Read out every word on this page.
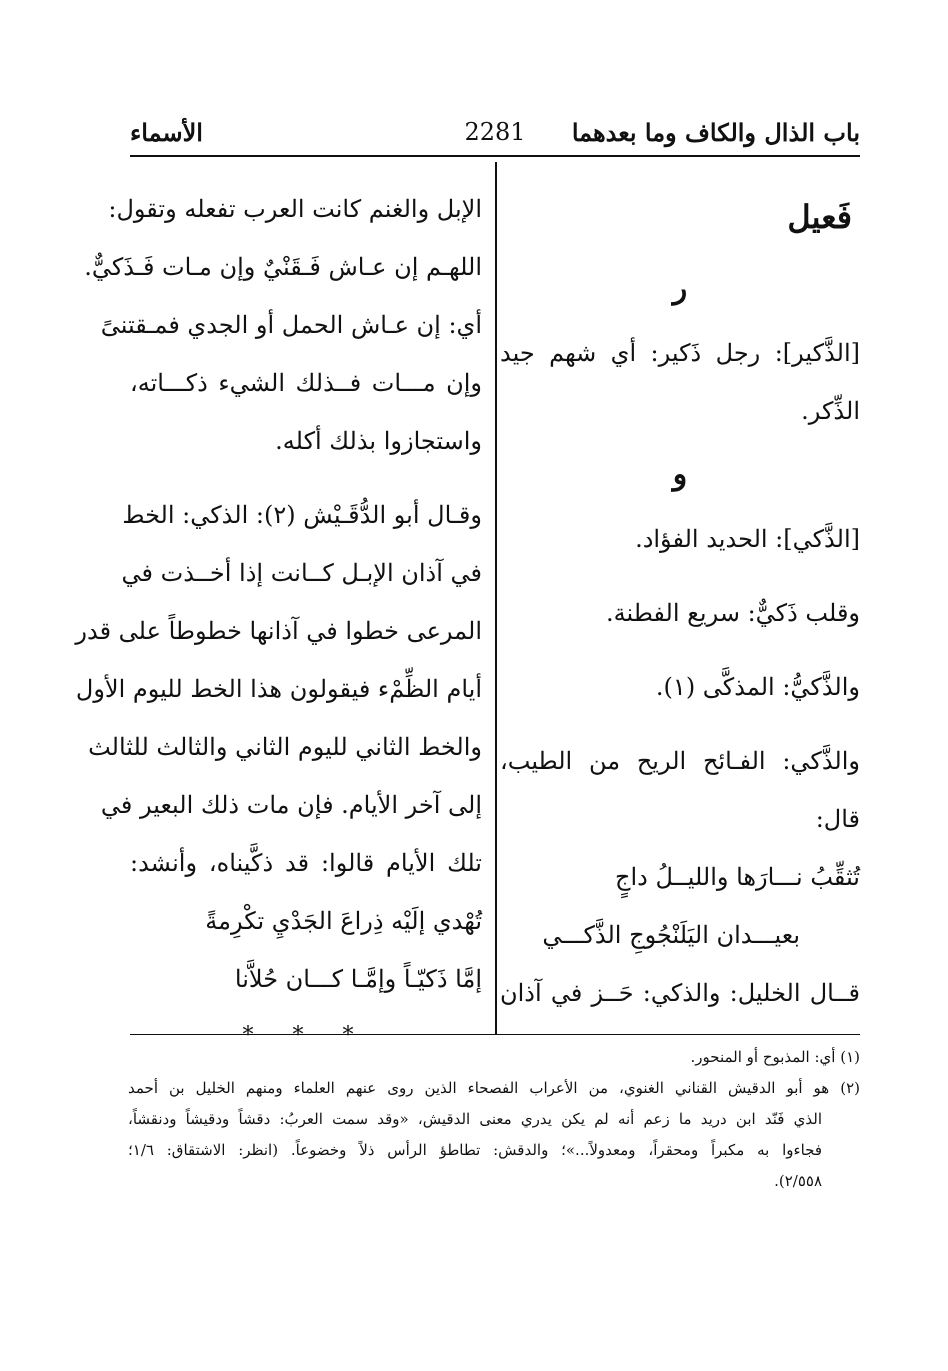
باب الذال والكاف وما بعدهما
2281
الأسماء
فَعيل
ر
[الذَّكير]: رجل ذَكير: أي شهم جيد
الذِّكر.
و
[الذَّكي]: الحديد الفؤاد.
وقلب ذَكيٌّ: سريع الفطنة.
والذَّكيُّ: المذكَّى (١).
والذَّكي: الفـائح الريح من الطيب،
قال:
تُثقِّبُ نـــارَها والليــلُ داجٍ
بعيـــدان اليَلَنْجُوجِ الذَّكـــي
قــال الخليل: والذكي: حَــز في آذان
الإبل والغنم كانت العرب تفعله وتقول:
اللهـم إن عـاش فَـقَنْيٌ وإن مـات فَـذَكيٌّ.
أي: إن عـاش الحمل أو الجدي فمـقتنىً
وإن مـــات فــذلك الشيء ذكـــاته،
واستجازوا بذلك أكله.
وقـال أبو الدُّقَـيْش (٢): الذكي: الخط
في آذان الإبـل كــانت إذا أخــذت في
المرعى خطوا في آذانها خطوطاً على قدر
أيام الظِّمْء فيقولون هذا الخط لليوم الأول
والخط الثاني لليوم الثاني والثالث للثالث
إلى آخر الأيام. فإن مات ذلك البعير في
تلك الأيام قالوا: قد ذكَّيناه، وأنشد:
تُهْدي إلَيْه ذِراعَ الجَدْيِ تكْرِمةً
إمَّا ذَكيّـاً وإمَّـا كـــان حُلاَّنا
* * *
(١) أي: المذبوح أو المنحور.
(٢) هو أبو الدقيش القناني الغنوي، من الأعراب الفصحاء الذين روى عنهم العلماء ومنهم الخليل بن أحمد
الذي فَنّد ابن دريد ما زعم أنه لم يكن يدري معنى الدقيش، «وقد سمت العربُ: دقشاً ودقيشاً ودنقشاً،
فجاءوا به مكبراً ومحقراً، ومعدولاً...»؛ والدقش: تطاطؤ الرأس ذلاً وخضوعاً. (انظر: الاشتقاق: ١/٦؛
٢/٥٥٨).
